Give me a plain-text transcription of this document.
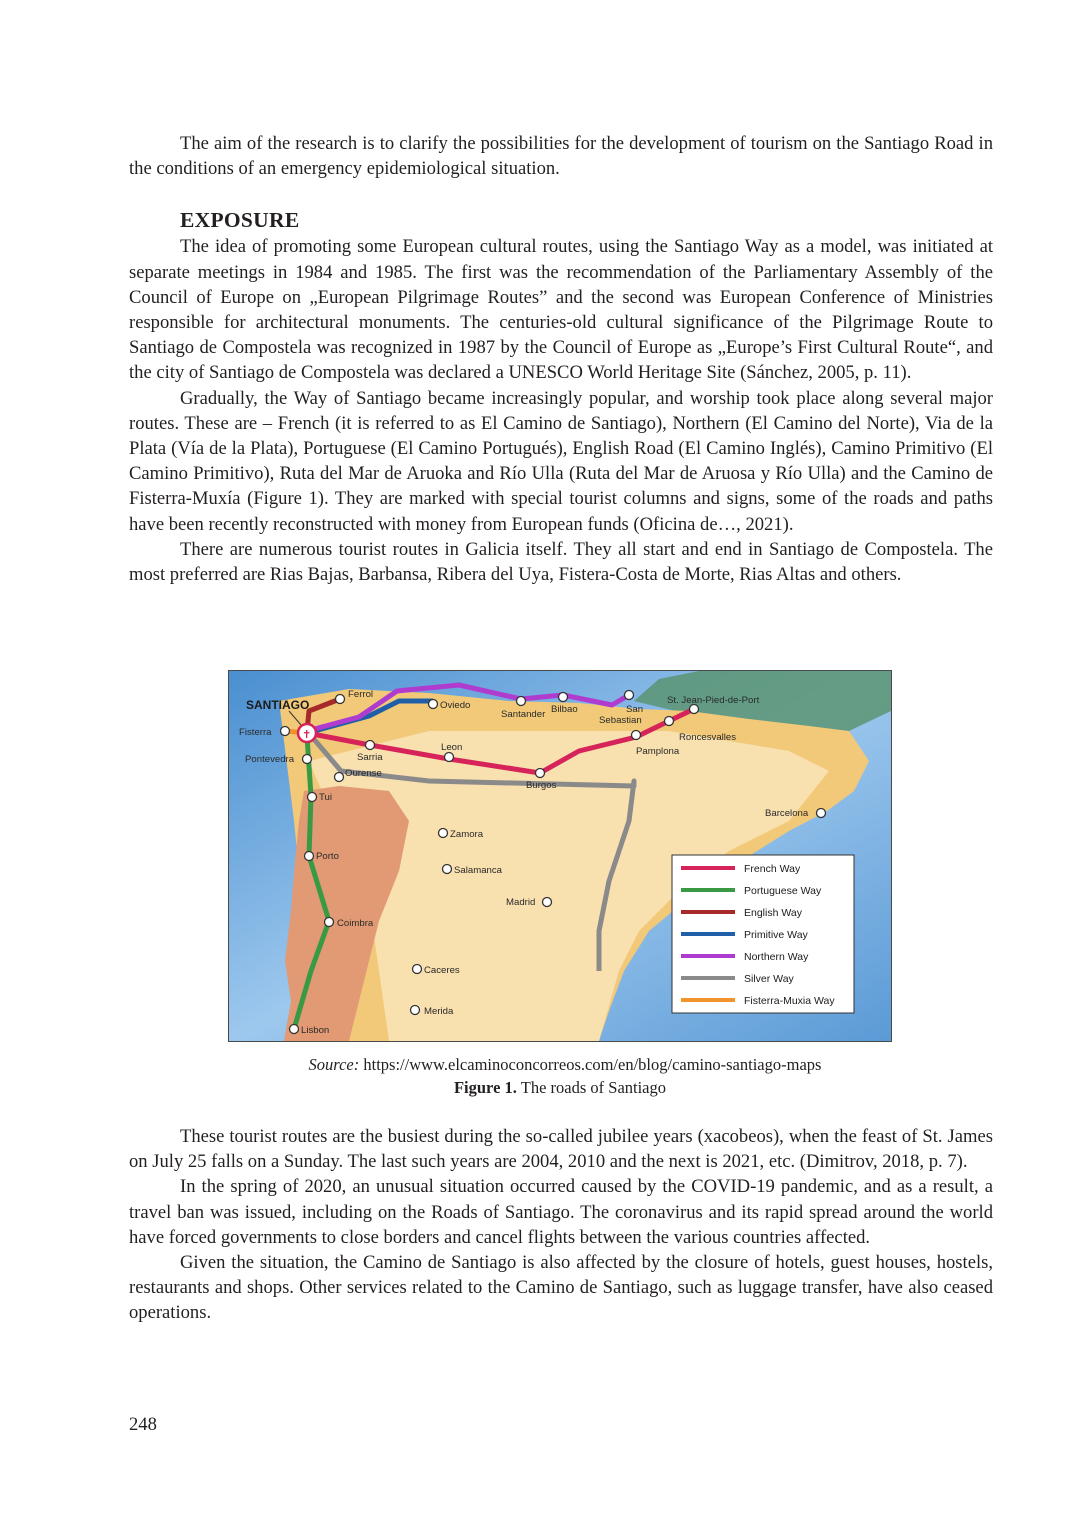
The aim of the research is to clarify the possibilities for the development of tourism on the Santiago Road in the conditions of an emergency epidemiological situation.

EXPOSURE

The idea of promoting some European cultural routes, using the Santiago Way as a model, was initiated at separate meetings in 1984 and 1985. The first was the recommendation of the Parliamentary Assembly of the Council of Europe on „European Pilgrimage Routes” and the second was European Conference of Ministries responsible for architectural monuments. The centuries-old cultural significance of the Pilgrimage Route to Santiago de Compostela was recognized in 1987 by the Council of Europe as „Europe’s First Cultural Route“, and the city of Santiago de Compostela was declared a UNESCO World Heritage Site (Sánchez, 2005, p. 11).

Gradually, the Way of Santiago became increasingly popular, and worship took place along several major routes. These are – French (it is referred to as El Camino de Santiago), Northern (El Camino del Norte), Via de la Plata (Vía de la Plata), Portuguese (El Camino Portugués), English Road (El Camino Inglés), Camino Primitivo (El Camino Primitivo), Ruta del Mar de Aruoka and Río Ulla (Ruta del Mar de Aruosa y Río Ulla) and the Camino de Fisterra-Muxía (Figure 1). They are marked with special tourist columns and signs, some of the roads and paths have been recently reconstructed with money from European funds (Oficina de…, 2021).

There are numerous tourist routes in Galicia itself. They all start and end in Santiago de Compostela. The most preferred are Rias Bajas, Barbansa, Ribera del Uya, Fistera-Costa de Morte, Rias Altas and others.

✝
SANTIAGO
Ferrol
Oviedo
Santander Bilbao	San
Sebastian
St. Jean-Pied-de-Port
Roncesvalles
Pamplona
Fisterra
Pontevedra	Sarria
Leon
Ourense
Burgos
Tui
Barcelona
Zamora
Porto
Salamanca
Madrid
Coimbra
Caceres
Merida
Lisbon
French Way
Portuguese Way
English Way
Primitive Way
Northern Way
Silver Way
Fisterra-Muxia Way
Source: https://www.elcaminoconcorreos.com/en/blog/camino-santiago-maps
Figure 1. The roads of Santiago

These tourist routes are the busiest during the so-called jubilee years (xacobeos), when the feast of St. James on July 25 falls on a Sunday. The last such years are 2004, 2010 and the next is 2021, etc. (Dimitrov, 2018, p. 7).

In the spring of 2020, an unusual situation occurred caused by the COVID-19 pandemic, and as a result, a travel ban was issued, including on the Roads of Santiago. The coronavirus and its rapid spread around the world have forced governments to close borders and cancel flights between the various countries affected.

Given the situation, the Camino de Santiago is also affected by the closure of hotels, guest houses, hostels, restaurants and shops. Other services related to the Camino de Santiago, such as luggage transfer, have also ceased operations.

248
